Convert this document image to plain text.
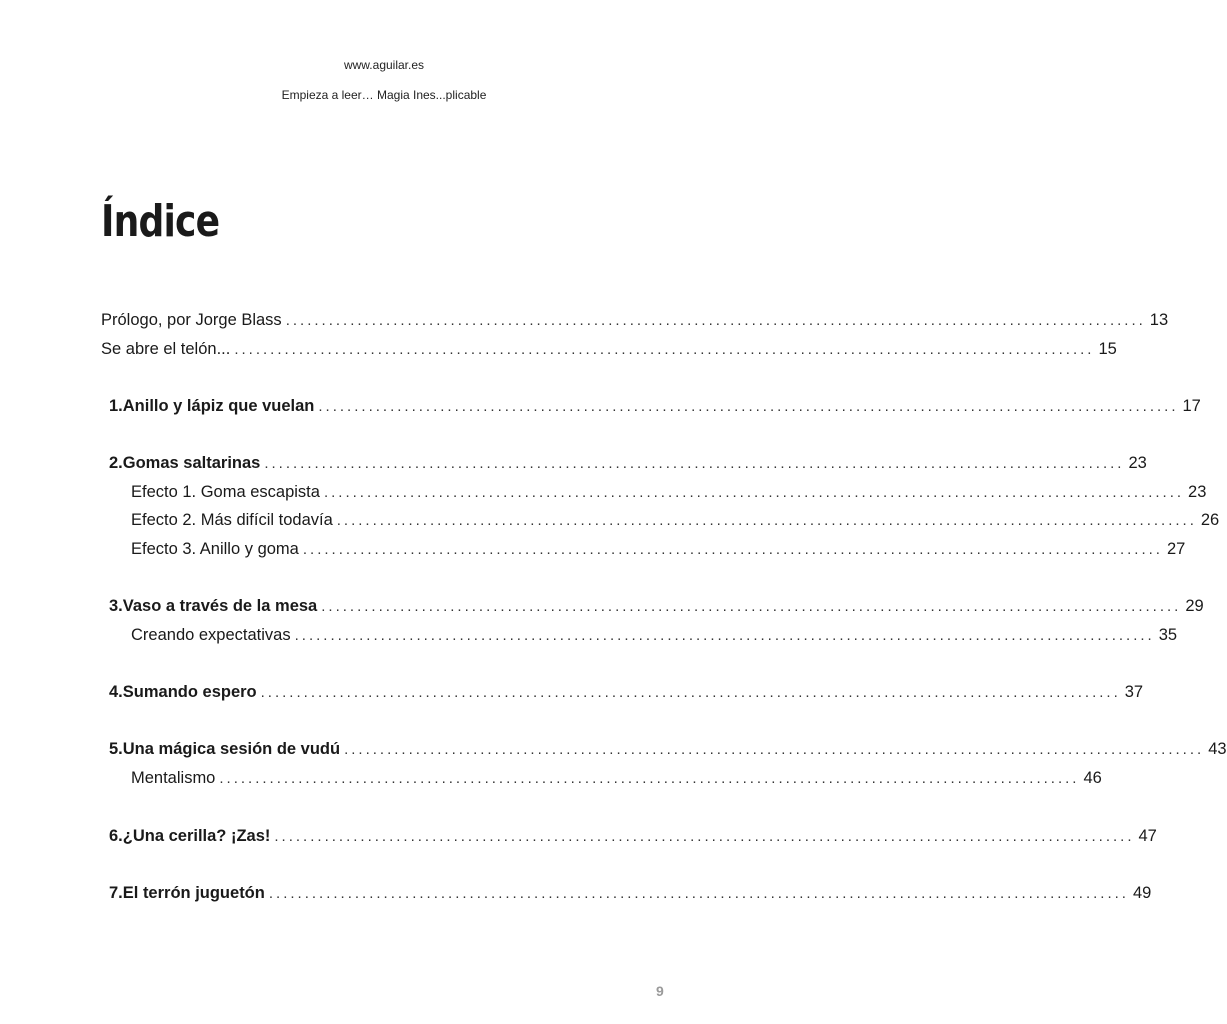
www.aguilar.es
Empieza a leer… Magia Ines...plicable
Índice
Prólogo, por Jorge Blass ........................................................................................................................ 13
Se abre el telón... ........................................................................................................................ 15
1. Anillo y lápiz que vuelan ........................................................................................................................ 17
2. Gomas saltarinas ........................................................................................................................ 23
Efecto 1. Goma escapista ........................................................................................................................ 23
Efecto 2. Más difícil todavía ........................................................................................................................ 26
Efecto 3. Anillo y goma ........................................................................................................................ 27
3. Vaso a través de la mesa ........................................................................................................................ 29
Creando expectativas ........................................................................................................................ 35
4. Sumando espero ........................................................................................................................ 37
5. Una mágica sesión de vudú ........................................................................................................................ 43
Mentalismo ........................................................................................................................ 46
6. ¿Una cerilla? ¡Zas! ........................................................................................................................ 47
7. El terrón juguetón ........................................................................................................................ 49
9
